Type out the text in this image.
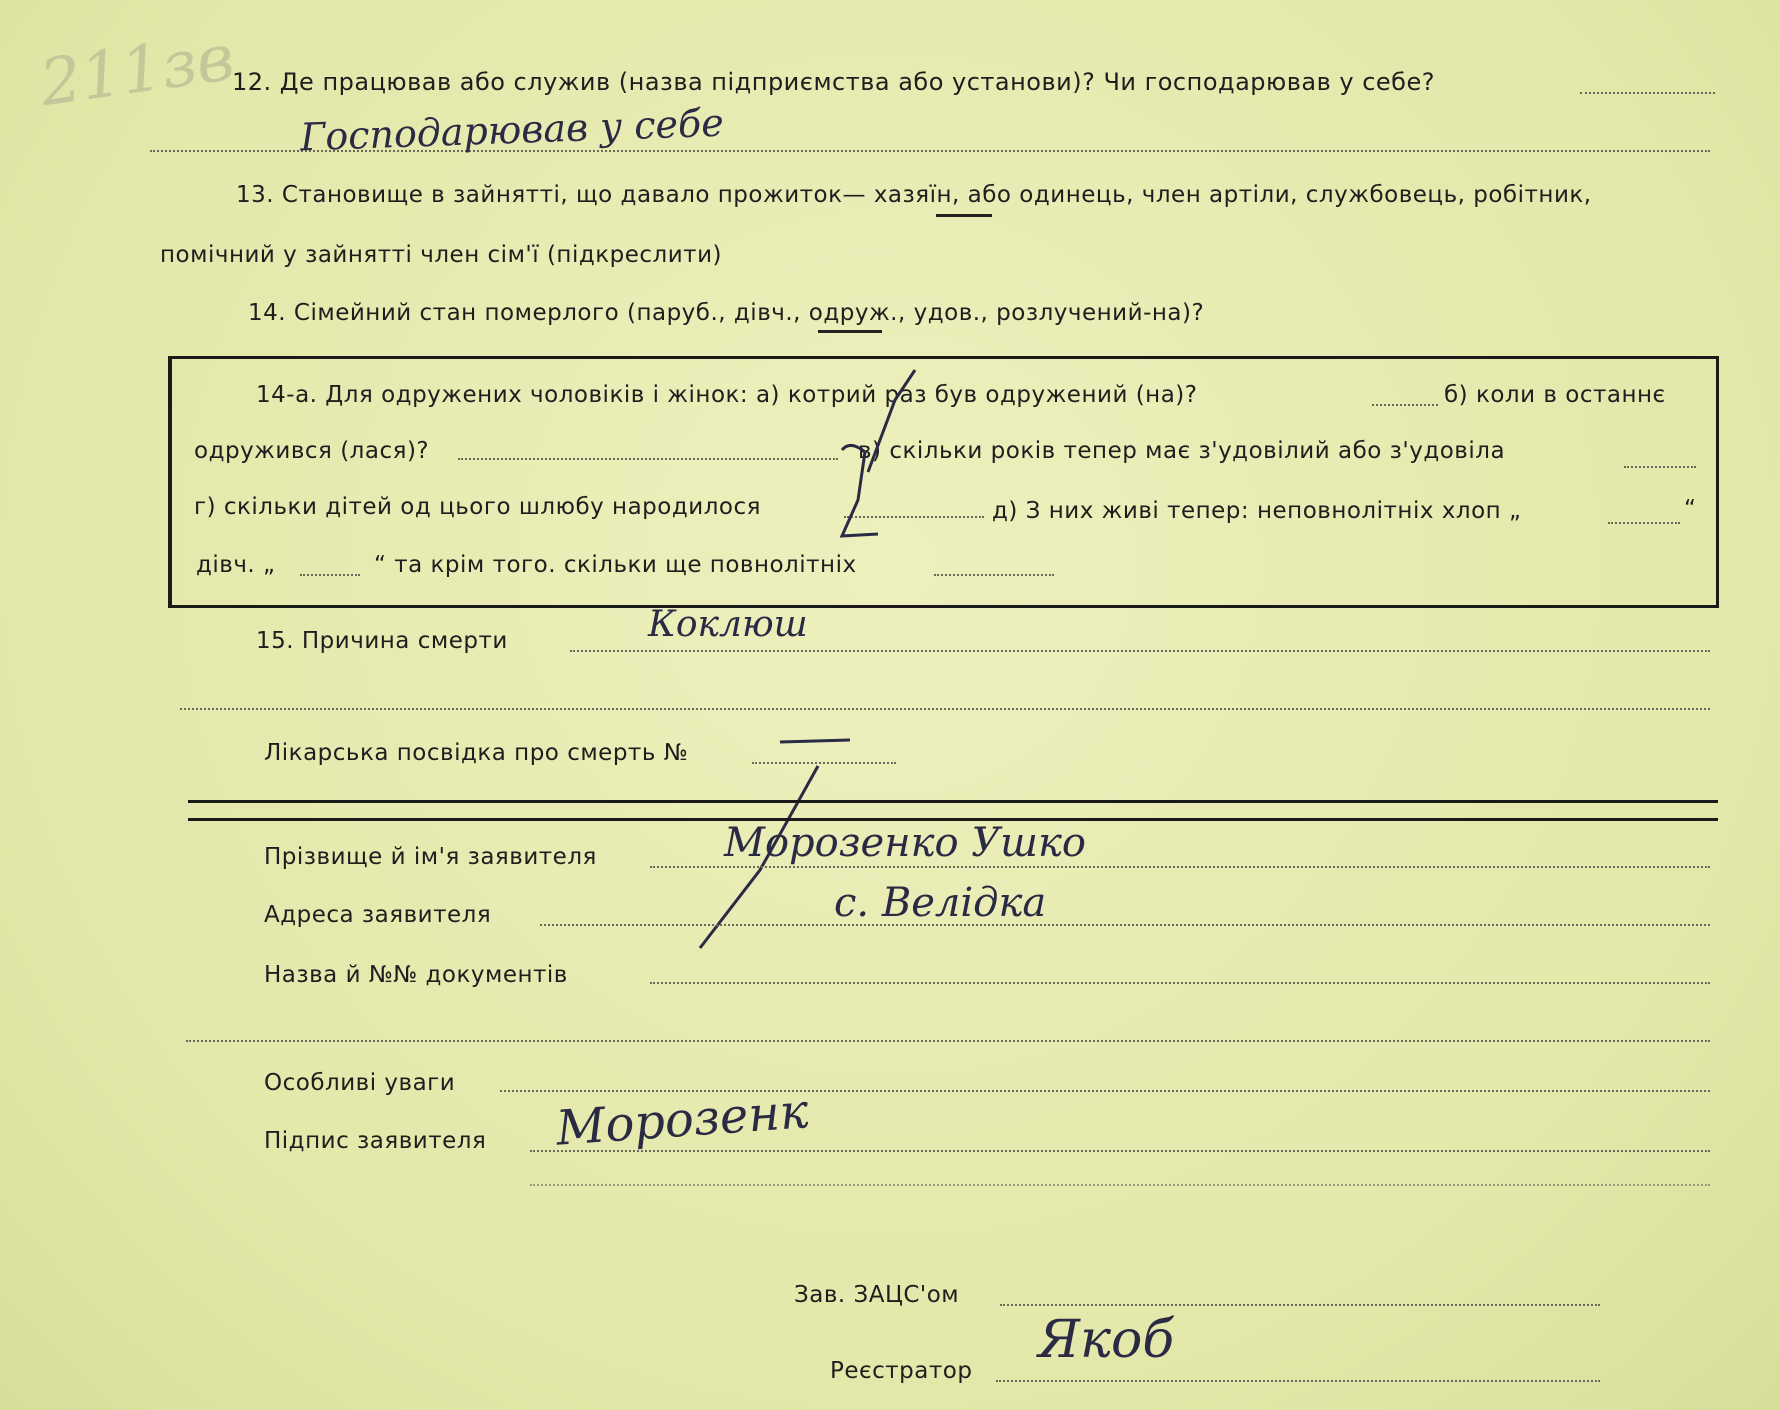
211зв
12. Де працював або служив (назва підприємства або установи)? Чи господарював у себе?
Господарював у себе
13. Становище в зайнятті, що давало прожиток— хазяїн, або одинець, член артіли, службовець, робітник,
помічний у зайнятті член сім'ї (підкреслити)
14. Сімейний стан померлого (паруб., дівч., одруж., удов., розлучений-на)?
14-а. Для одружених чоловіків і жінок: а) котрий раз був одружений (на)?	б) коли в останнє
одружився (лася)?	в) скільки років тепер має з'удовілий або з'удовіла
г) скільки дітей од цього шлюбу народилося	д) З них живі тепер: неповнолітніх хлоп „	“
дівч. „	“ та крім того. скільки ще повнолітніх
15. Причина смерти	Коклюш
Лікарська посвідка про смерть №
Прізвище й ім'я заявителя	Морозенко Ушко
Адреса заявителя	с. Велідка
Назва й №№ документів
Особливі уваги
Підпис заявителя Морозенк
Зав. ЗАЦС'ом
Реєстратор
Якоб
